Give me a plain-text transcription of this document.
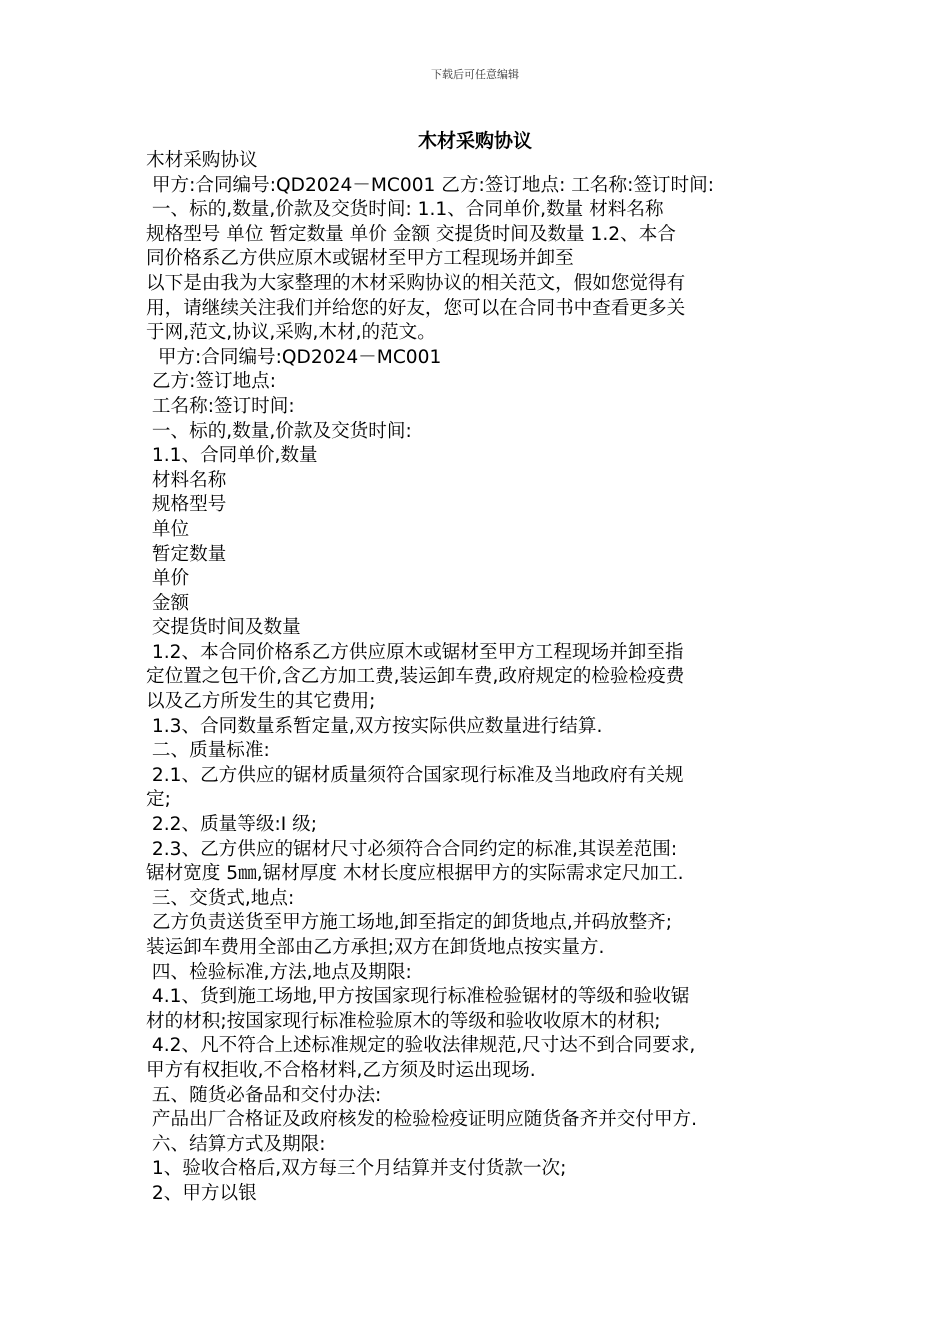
下载后可任意编辑
木材采购协议
木材采购协议
甲方:合同编号:QD2024－MC001 乙方:签订地点: 工名称:签订时间:
一、标的,数量,价款及交货时间: 1.1、合同单价,数量 材料名称
规格型号 单位 暂定数量 单价 金额 交提货时间及数量 1.2、本合
同价格系乙方供应原木或锯材至甲方工程现场并卸至
以下是由我为大家整理的木材采购协议的相关范文，假如您觉得有
用，请继续关注我们并给您的好友，您可以在合同书中查看更多关
于网,范文,协议,采购,木材,的范文。
甲方:合同编号:QD2024－MC001
乙方:签订地点:
工名称:签订时间:
一、标的,数量,价款及交货时间:
1.1、合同单价,数量
材料名称
规格型号
单位
暂定数量
单价
金额
交提货时间及数量
1.2、本合同价格系乙方供应原木或锯材至甲方工程现场并卸至指
定位置之包干价,含乙方加工费,装运卸车费,政府规定的检验检疫费
以及乙方所发生的其它费用;
1.3、合同数量系暂定量,双方按实际供应数量进行结算.
二、质量标准:
2.1、乙方供应的锯材质量须符合国家现行标准及当地政府有关规
定;
2.2、质量等级:Ⅰ 级;
2.3、乙方供应的锯材尺寸必须符合合同约定的标准,其误差范围:
锯材宽度 5㎜,锯材厚度 木材长度应根据甲方的实际需求定尺加工.
三、交货式,地点:
乙方负责送货至甲方施工场地,卸至指定的卸货地点,并码放整齐;
装运卸车费用全部由乙方承担;双方在卸货地点按实量方.
四、检验标准,方法,地点及期限:
4.1、货到施工场地,甲方按国家现行标准检验锯材的等级和验收锯
材的材积;按国家现行标准检验原木的等级和验收收原木的材积;
4.2、凡不符合上述标准规定的验收法律规范,尺寸达不到合同要求,
甲方有权拒收,不合格材料,乙方须及时运出现场.
五、随货必备品和交付办法:
产品出厂合格证及政府核发的检验检疫证明应随货备齐并交付甲方.
六、结算方式及期限:
1、验收合格后,双方每三个月结算并支付货款一次;
2、甲方以银
